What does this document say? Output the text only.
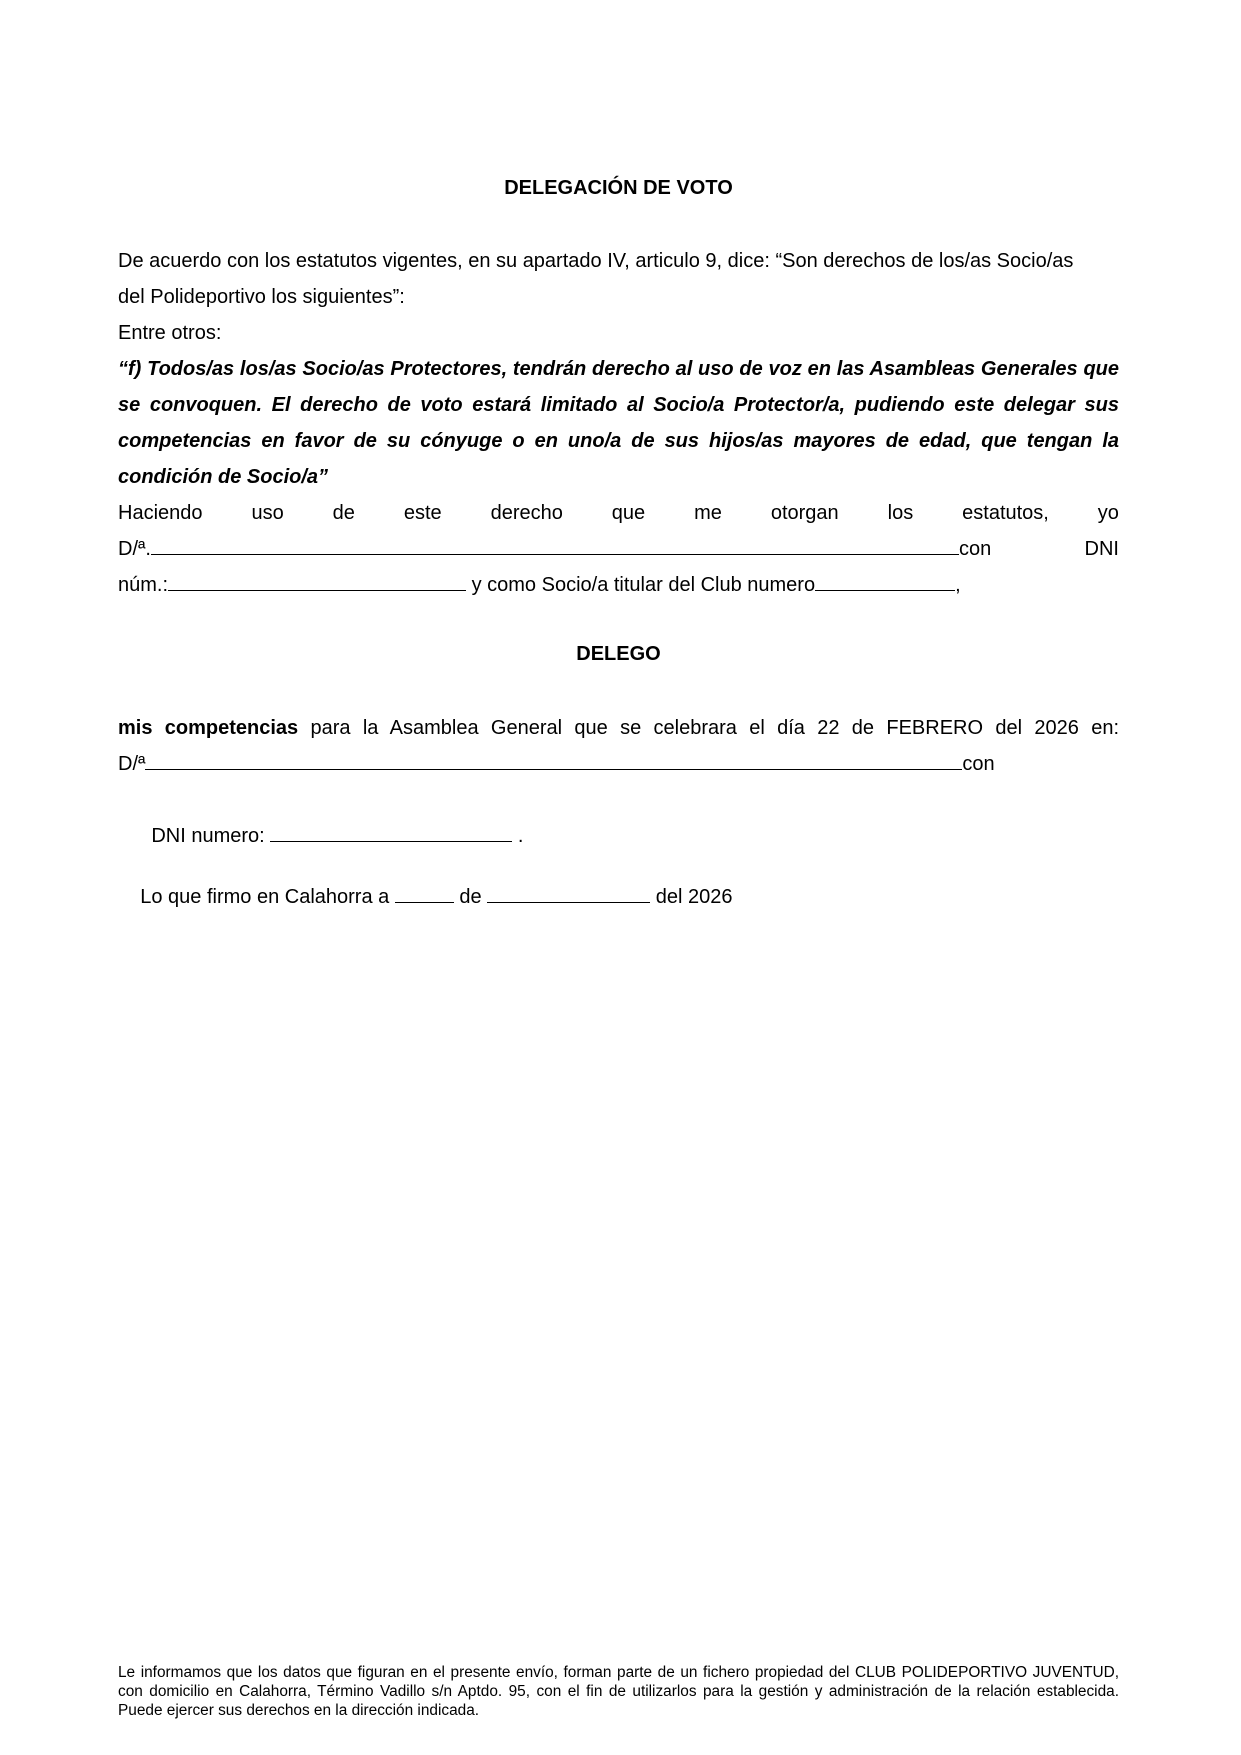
DELEGACIÓN DE VOTO
De acuerdo con los estatutos vigentes, en su apartado IV, articulo 9, dice: “Son derechos de los/as Socio/as
del Polideportivo los siguientes”:
Entre otros:
“f) Todos/as los/as Socio/as Protectores, tendrán derecho al uso de voz en las Asambleas Generales que se convoquen. El derecho de voto estará limitado al Socio/a Protector/a, pudiendo este delegar sus competencias en favor de su cónyuge o en uno/a de sus hijos/as mayores de edad, que tengan la condición de Socio/a”
Haciendo uso de este derecho que me otorgan los estatutos, yo
D/ª.	con	DNI
núm.:	y como Socio/a titular del Club numero	,
DELEGO
mis competencias para la Asamblea General que se celebrara el día 22 de FEBRERO del 2026 en:
D/ª	con

DNI numero:	.

Lo que firmo en Calahorra a	de	del 2026

Le informamos que los datos que figuran en el presente envío, forman parte de un fichero propiedad del CLUB POLIDEPORTIVO JUVENTUD, con domicilio en Calahorra, Término Vadillo s/n Aptdo. 95, con el fin de utilizarlos para la gestión y administración de la relación establecida. Puede ejercer sus derechos en la dirección indicada.
